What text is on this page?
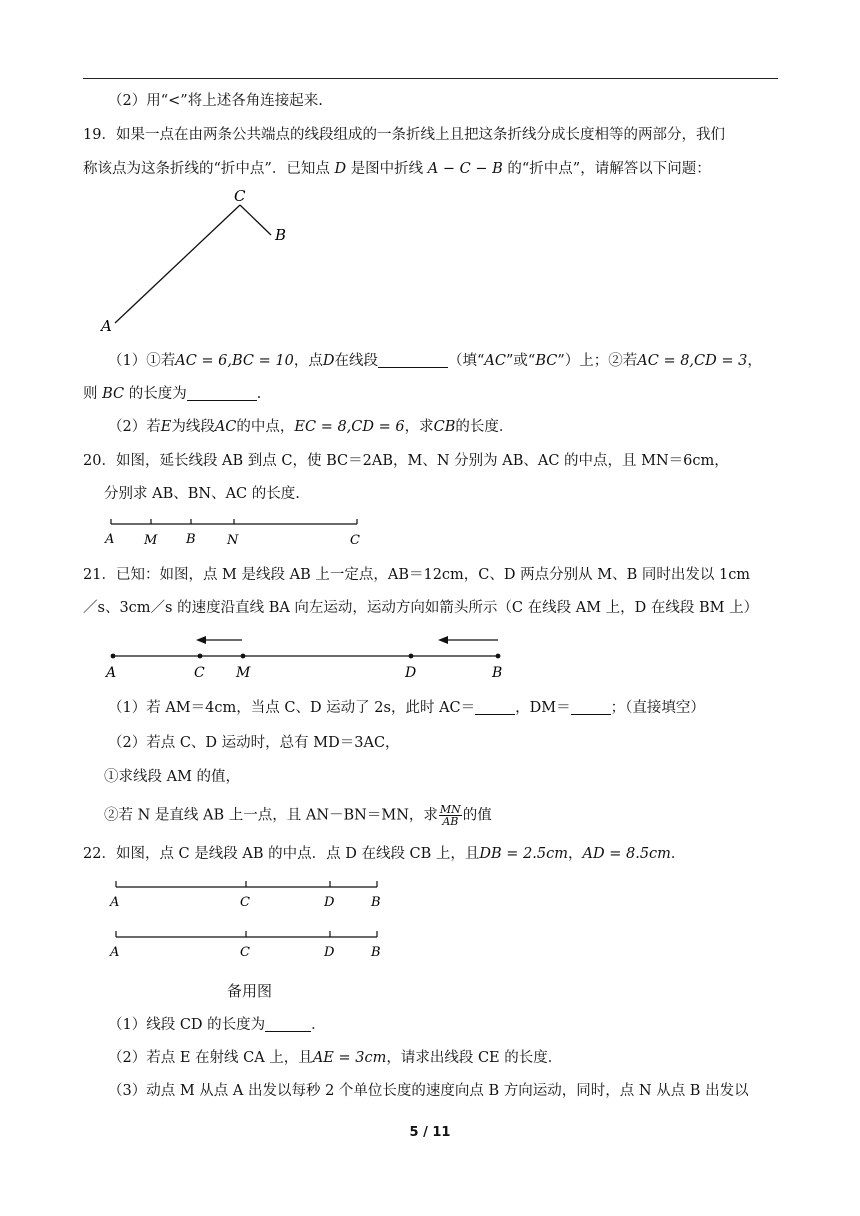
（2）用“<”将上述各角连接起来.
19．如果一点在由两条公共端点的线段组成的一条折线上且把这条折线分成长度相等的两部分，我们
称该点为这条折线的“折中点”．已知点 D 是图中折线 A − C − B 的“折中点”，请解答以下问题：
A
C
B
（1）①若AC = 6,BC = 10，点D在线段	（填“AC”或“BC”）上；②若AC = 8,CD = 3，
则 BC 的长度为	．
（2）若E为线段AC的中点，EC = 8,CD = 6，求CB的长度．
20．如图，延长线段 AB 到点 C，使 BC＝2AB，M、N 分别为 AB、AC 的中点，且 MN＝6cm，
分别求 AB、BN、AC 的长度.
A M B N	C
21．已知：如图，点 M 是线段 AB 上一定点，AB＝12cm，C、D 两点分别从 M、B 同时出发以 1cm
／s、3cm／s 的速度沿直线 BA 向左运动，运动方向如箭头所示（C 在线段 AM 上，D 在线段 BM 上）
A	C M	D	B
（1）若 AM＝4cm，当点 C、D 运动了 2s，此时 AC＝	，DM＝	；（直接填空）
（2）若点 C、D 运动时，总有 MD＝3AC，
①求线段 AM 的值，
②若 N 是直线 AB 上一点，且 AN－BN＝MN，求 $\frac{MN}{AB}$ 的值
22．如图，点 C 是线段 AB 的中点．点 D 在线段 CB 上，且DB = 2.5cm，AD = 8.5cm．
A	C	D	B
A	C	D	B
备用图
（1）线段 CD 的长度为	．
（2）若点 E 在射线 CA 上，且AE = 3cm，请求出线段 CE 的长度．
（3）动点 M 从点 A 出发以每秒 2 个单位长度的速度向点 B 方向运动，同时，点 N 从点 B 出发以
5 / 11
